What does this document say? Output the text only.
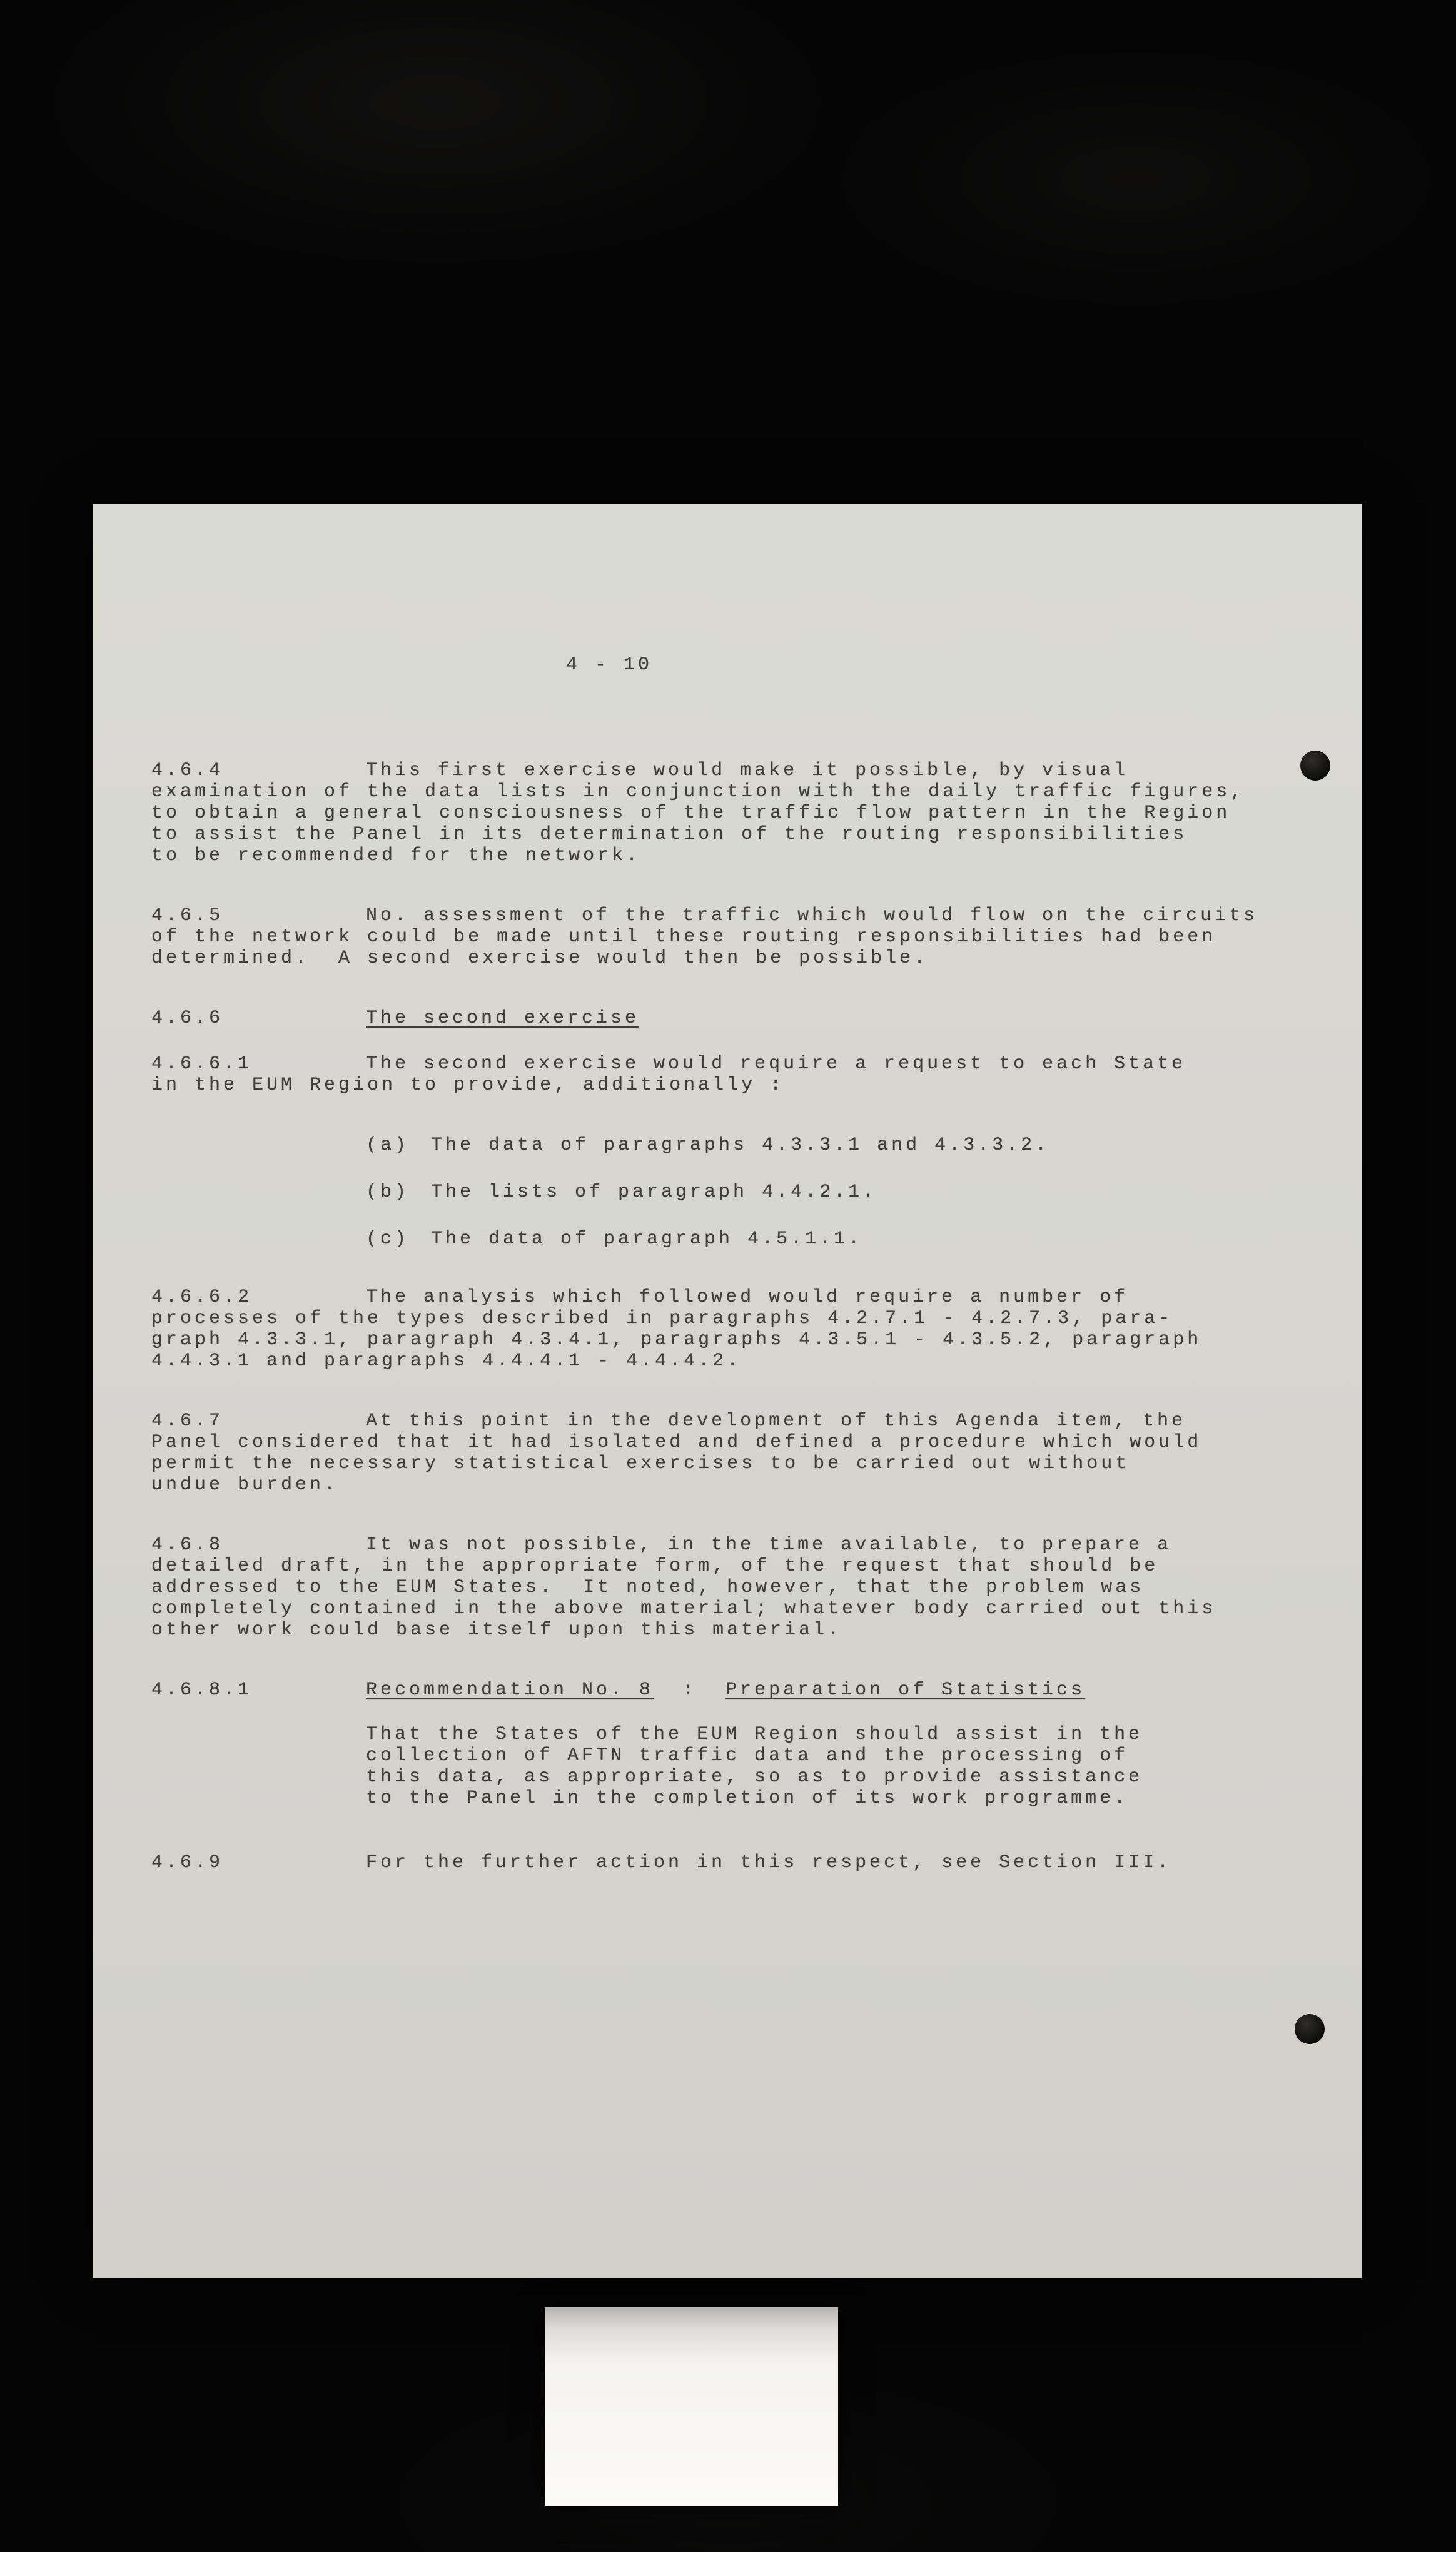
4 - 10
4.6.4	This first exercise would make it possible, by visual
examination of the data lists in conjunction with the daily traffic figures,
to obtain a general consciousness of the traffic flow pattern in the Region
to assist the Panel in its determination of the routing responsibilities
to be recommended for the network.
4.6.5	No. assessment of the traffic which would flow on the circuits
of the network could be made until these routing responsibilities had been
determined.  A second exercise would then be possible.
4.6.6	The second exercise
4.6.6.1	The second exercise would require a request to each State
in the EUM Region to provide, additionally :
(a) The data of paragraphs 4.3.3.1 and 4.3.3.2.
(b) The lists of paragraph 4.4.2.1.
(c) The data of paragraph 4.5.1.1.
4.6.6.2	The analysis which followed would require a number of
processes of the types described in paragraphs 4.2.7.1 - 4.2.7.3, para-
graph 4.3.3.1, paragraph 4.3.4.1, paragraphs 4.3.5.1 - 4.3.5.2, paragraph
4.4.3.1 and paragraphs 4.4.4.1 - 4.4.4.2.
4.6.7	At this point in the development of this Agenda item, the
Panel considered that it had isolated and defined a procedure which would
permit the necessary statistical exercises to be carried out without
undue burden.
4.6.8	It was not possible, in the time available, to prepare a
detailed draft, in the appropriate form, of the request that should be
addressed to the EUM States.  It noted, however, that the problem was
completely contained in the above material; whatever body carried out this
other work could base itself upon this material.
4.6.8.1	Recommendation No. 8  :  Preparation of Statistics
That the States of the EUM Region should assist in the
collection of AFTN traffic data and the processing of
this data, as appropriate, so as to provide assistance
to the Panel in the completion of its work programme.
4.6.9	For the further action in this respect, see Section III.
